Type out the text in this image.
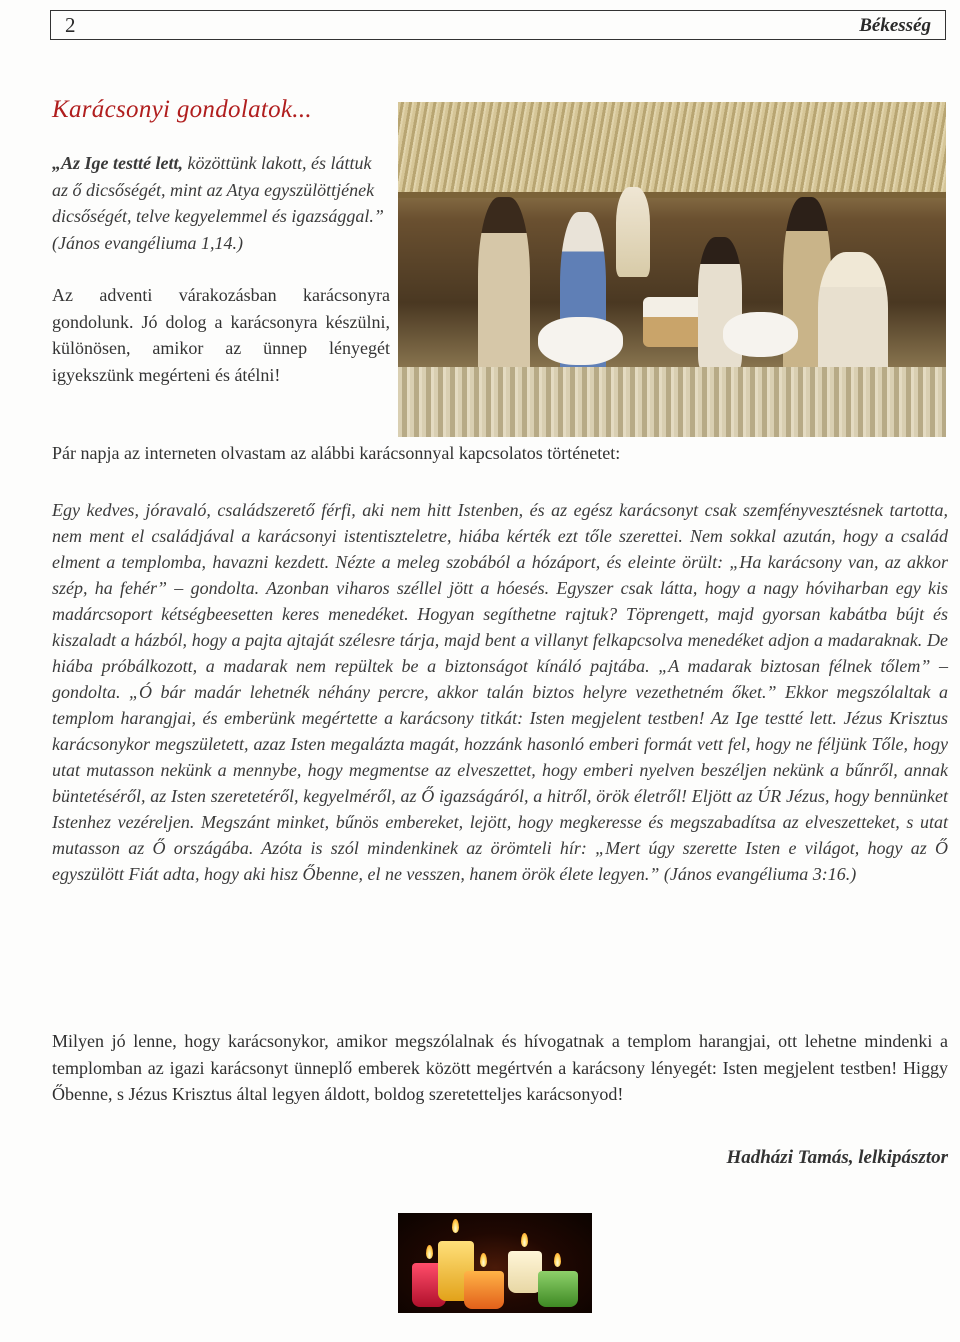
2	Békesség
Karácsonyi gondolatok...
„Az Ige testté lett, közöttünk lakott, és láttuk az ő dicsőségét, mint az Atya egyszülöttjének dicsőségét, telve kegyelemmel és igazsággal.” (János evangéliuma 1,14.)
Az adventi várakozásban karácsonyra gondolunk. Jó dolog a karácsonyra készülni, különösen, amikor az ünnep lényegét igyekszünk megérteni és átélni!
Pár napja az interneten olvastam az alábbi karácsonnyal kapcsolatos történetet:
Egy kedves, jóravaló, családszerető férfi, aki nem hitt Istenben, és az egész karácsonyt csak szemfényvesztésnek tartotta, nem ment el családjával a karácsonyi istentiszteletre, hiába kérték ezt tőle szerettei. Nem sokkal azután, hogy a család elment a templomba, havazni kezdett. Nézte a meleg szobából a hózáport, és eleinte örült: „Ha karácsony van, az akkor szép, ha fehér” – gondolta. Azonban viharos széllel jött a hóesés. Egyszer csak látta, hogy a nagy hóviharban egy kis madárcsoport kétségbeesetten keres menedéket. Hogyan segíthetne rajtuk? Töprengett, majd gyorsan kabátba bújt és kiszaladt a házból, hogy a pajta ajtaját szélesre tárja, majd bent a villanyt felkapcsolva menedéket adjon a madaraknak. De hiába próbálkozott, a madarak nem repültek be a biztonságot kínáló pajtába. „A madarak biztosan félnek tőlem” – gondolta. „Ó bár madár lehetnék néhány percre, akkor talán biztos helyre vezethetném őket.” Ekkor megszólaltak a templom harangjai, és emberünk megértette a karácsony titkát: Isten megjelent testben! Az Ige testté lett. Jézus Krisztus karácsonykor megszületett, azaz Isten megalázta magát, hozzánk hasonló emberi formát vett fel, hogy ne féljünk Tőle, hogy utat mutasson nekünk a mennybe, hogy megmentse az elveszettet, hogy emberi nyelven beszéljen nekünk a bűnről, annak büntetéséről, az Isten szeretetéről, kegyelméről, az Ő igazságáról, a hitről, örök életről! Eljött az ÚR Jézus, hogy bennünket Istenhez vezéreljen. Megszánt minket, bűnös embereket, lejött, hogy megkeresse és megszabadítsa az elveszetteket, s utat mutasson az Ő országába. Azóta is szól mindenkinek az örömteli hír: „Mert úgy szerette Isten e világot, hogy az Ő egyszülött Fiát adta, hogy aki hisz Őbenne, el ne vesszen, hanem örök élete legyen.” (János evangéliuma 3:16.)
Milyen jó lenne, hogy karácsonykor, amikor megszólalnak és hívogatnak a templom harangjai, ott lehetne mindenki a templomban az igazi karácsonyt ünneplő emberek között megértvén a karácsony lényegét: Isten megjelent testben! Higgy Őbenne, s Jézus Krisztus által legyen áldott, boldog szeretetteljes karácsonyod!
Hadházi Tamás, lelkipásztor
